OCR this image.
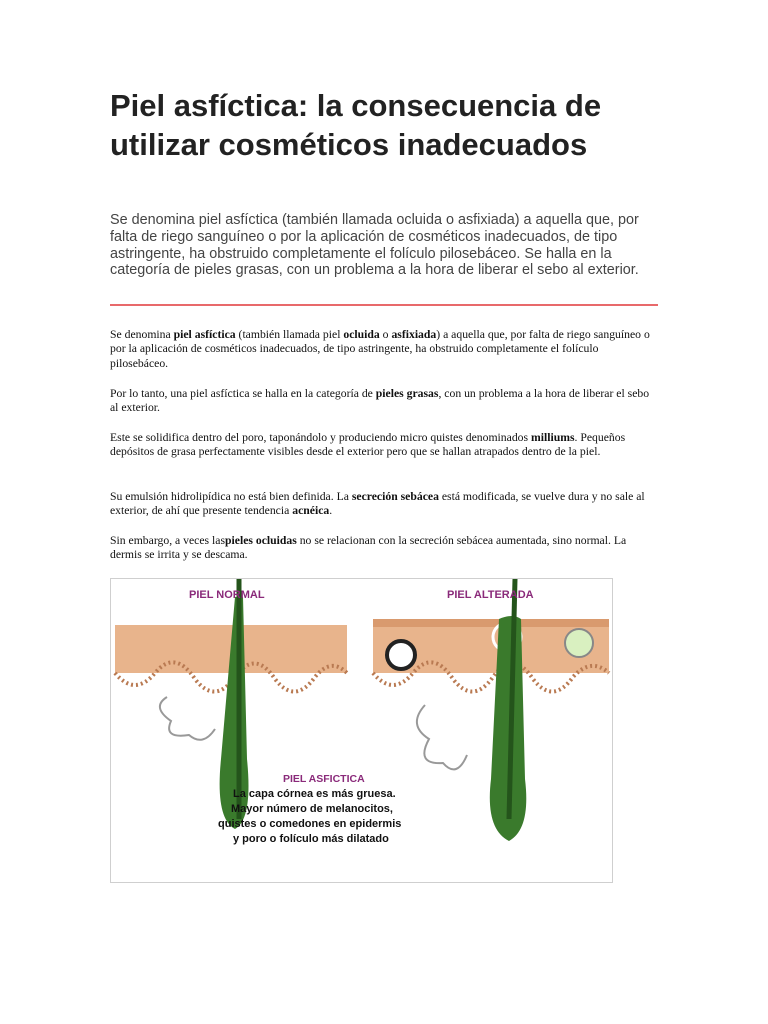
Piel asfíctica: la consecuencia de utilizar cosméticos inadecuados

Se denomina piel asfíctica (también llamada ocluida o asfixiada) a aquella que, por falta de riego sanguíneo o por la aplicación de cosméticos inadecuados, de tipo astringente, ha obstruido completamente el folículo pilosebáceo. Se halla en la categoría de pieles grasas, con un problema a la hora de liberar el sebo al exterior.

Se denomina piel asfíctica (también llamada piel ocluida o asfixiada) a aquella que, por falta de riego sanguíneo o por la aplicación de cosméticos inadecuados, de tipo astringente, ha obstruido completamente el folículo pilosebáceo.

Por lo tanto, una piel asfíctica se halla en la categoría de pieles grasas, con un problema a la hora de liberar el sebo al exterior.

Este se solidifica dentro del poro, taponándolo y produciendo micro quistes denominados milliums. Pequeños depósitos de grasa perfectamente visibles desde el exterior pero que se hallan atrapados dentro de la piel.

Su emulsión hidrolipídica no está bien definida. La secreción sebácea está modificada, se vuelve dura y no sale al exterior, de ahí que presente tendencia acnéica.

Sin embargo, a veces laspieles ocluidas no se relacionan con la secreción sebácea aumentada, sino normal. La dermis se irrita y se descama.

PIEL NORMAL	PIEL ALTERADA
PIEL ASFICTICA
La capa córnea es más gruesa.
Mayor número de melanocitos,
quistes o comedones en epidermis
y poro o folículo más dilatado
